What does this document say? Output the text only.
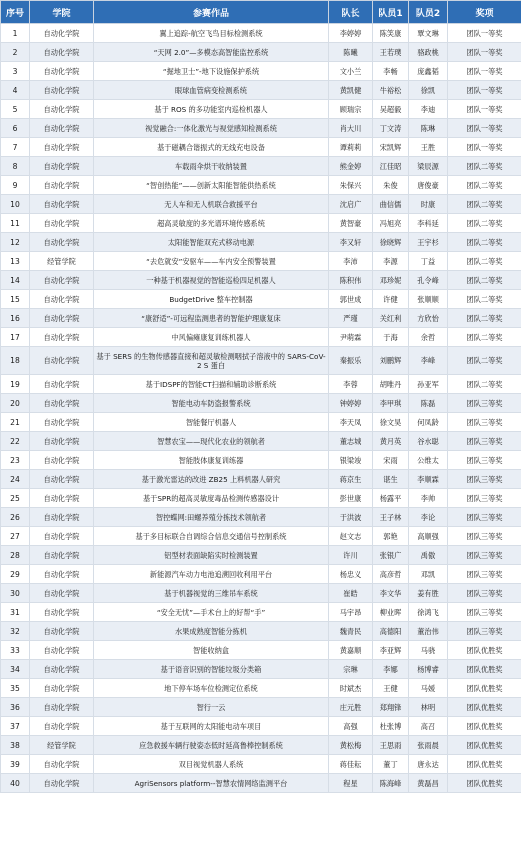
序号	学院	参赛作品	队长	队员1	队员2	奖项
1	自动化学院	翼上追踪-航空飞鸟目标检测系统	李婷婷	陈笑康	覃文琳	团队一等奖
2	自动化学院	“天网 2.0”—多模态高智能监控系统	陈曦	王若璞	骆政桃	团队一等奖
3	自动化学院	“掘地卫士”-地下设施保护系统	文小兰	李畅	庞鑫韬	团队一等奖
4	自动化学院	眼球血管病变检测系统	黄凯健	牛裕松	徐凯	团队一等奖
5	自动化学院	基于 ROS 的多功能室内巡检机器人	顾瑞宗	吴超毅	李迪	团队一等奖
6	自动化学院	视觉融合:一体化激光与视觉感知检测系统	肖大川	丁文涛	陈琳	团队一等奖
7	自动化学院	基于磁耦合谐振式的无线充电设备	谭莉莉	宋凯辉	王胜	团队一等奖
8	自动化学院	车载雨伞烘干收纳装置	熊金婷	江佳昭	梁辰源	团队二等奖
9	自动化学院	“智创热能”——创新太阳能智能供热系统	朱保兴	朱俊	唐俊豪	团队二等奖
10	自动化学院	无人车和无人机联合救援平台	沈启广	曲信儒	时康	团队二等奖
11	自动化学院	超高灵敏度的多光谱环境传感系统	黄智豪	冯旭亮	李科延	团队二等奖
12	自动化学院	太阳能智能双充式移动电源	李又轩	徐晓辉	王宇杉	团队二等奖
13	经管学院	“去危就安”安驱车——车内安全预警装置	李沛	李源	丁益	团队二等奖
14	自动化学院	一种基于机器视觉的智能巡检四足机器人	陈积伟	邓珍妮	孔令峰	团队二等奖
15	自动化学院	BudgetDrive 整车控制器	郭世成	许健	张顺顺	团队二等奖
16	自动化学院	“康舒适”-可远程监测患者的智能护理康复床	严瑾	关红利	方欣怡	团队二等奖
17	自动化学院	中风偏瘫康复训练机器人	尹萌霖	于海	余哲	团队二等奖
18	自动化学院	基于 SERS 的生物传感器直接和超灵敏检测咽拭子溶液中的 SARS-CoV-2 S 蛋白	秦振乐	刘鹏辉	李峰	团队二等奖
19	自动化学院	基于IDSPF的智能CT扫描和辅助诊断系统	李蓉	胡唯丹	孙亚军	团队二等奖
20	自动化学院	智能电动车防盗报警系统	钟婷婷	李甲琪	陈磊	团队三等奖
21	自动化学院	智能餐厅机器人	李天凤	徐文昊	何凤龄	团队三等奖
22	自动化学院	智慧农宝——现代化农业的领航者	董志城	黄月英	谷水聪	团队三等奖
23	自动化学院	智能肢体康复训练器	银梁竣	宋雨	公维太	团队三等奖
24	自动化学院	基于激光雷达的改进 ZB25 上料机器人研究	蒋京生	谌生	李顺霖	团队三等奖
25	自动化学院	基于SPR的超高灵敏度毒品检测传感器设计	彭世康	杨露平	李帅	团队三等奖
26	自动化学院	智控蝶网:田螺养殖分拣技术领航者	于洪波	王子林	李论	团队三等奖
27	自动化学院	基于多目标联合自调综合信息交通信号控制系统	赵文志	郭艳	高顺强	团队三等奖
28	自动化学院	铝型材表面缺陷实时检测装置	许川	张银广	禹傲	团队三等奖
29	自动化学院	新能源汽车动力电池追溯回收利用平台	杨忠义	高彦哲	邓凯	团队三等奖
30	自动化学院	基于机器视觉的三维吊车系统	崔皓	李文华	姜有胜	团队三等奖
31	自动化学院	“安全无忧”—手术台上的好帮“手”	马宇昂	柳业晖	徐鸿飞	团队三等奖
32	自动化学院	水果成熟度智能分拣机	魏青民	高德阳	董治伟	团队三等奖
33	自动化学院	智能收纳盒	黄嘉顺	李亚辉	马骁	团队优胜奖
34	自动化学院	基于语音识别的智能垃圾分类箱	宗琳	李娜	杨博睿	团队优胜奖
35	自动化学院	地下停车场车位检测定位系统	时斌杰	王健	马媛	团队优胜奖
36	自动化学院	智行一云	庄元胜	郑翔锋	林明	团队优胜奖
37	自动化学院	基于互联网的太阳能电动车项目	高强	杜张博	高召	团队优胜奖
38	经管学院	应急救援车辆行驶姿态低时延高鲁棒控制系统	黄松梅	王思雨	张雨晨	团队优胜奖
39	自动化学院	双目视觉机器人系统	蒋佳耘	董丁	唐永达	团队优胜奖
40	自动化学院	AgriSensors platform--智慧农情网络监测平台	程星	陈海峰	黄磊昌	团队优胜奖
